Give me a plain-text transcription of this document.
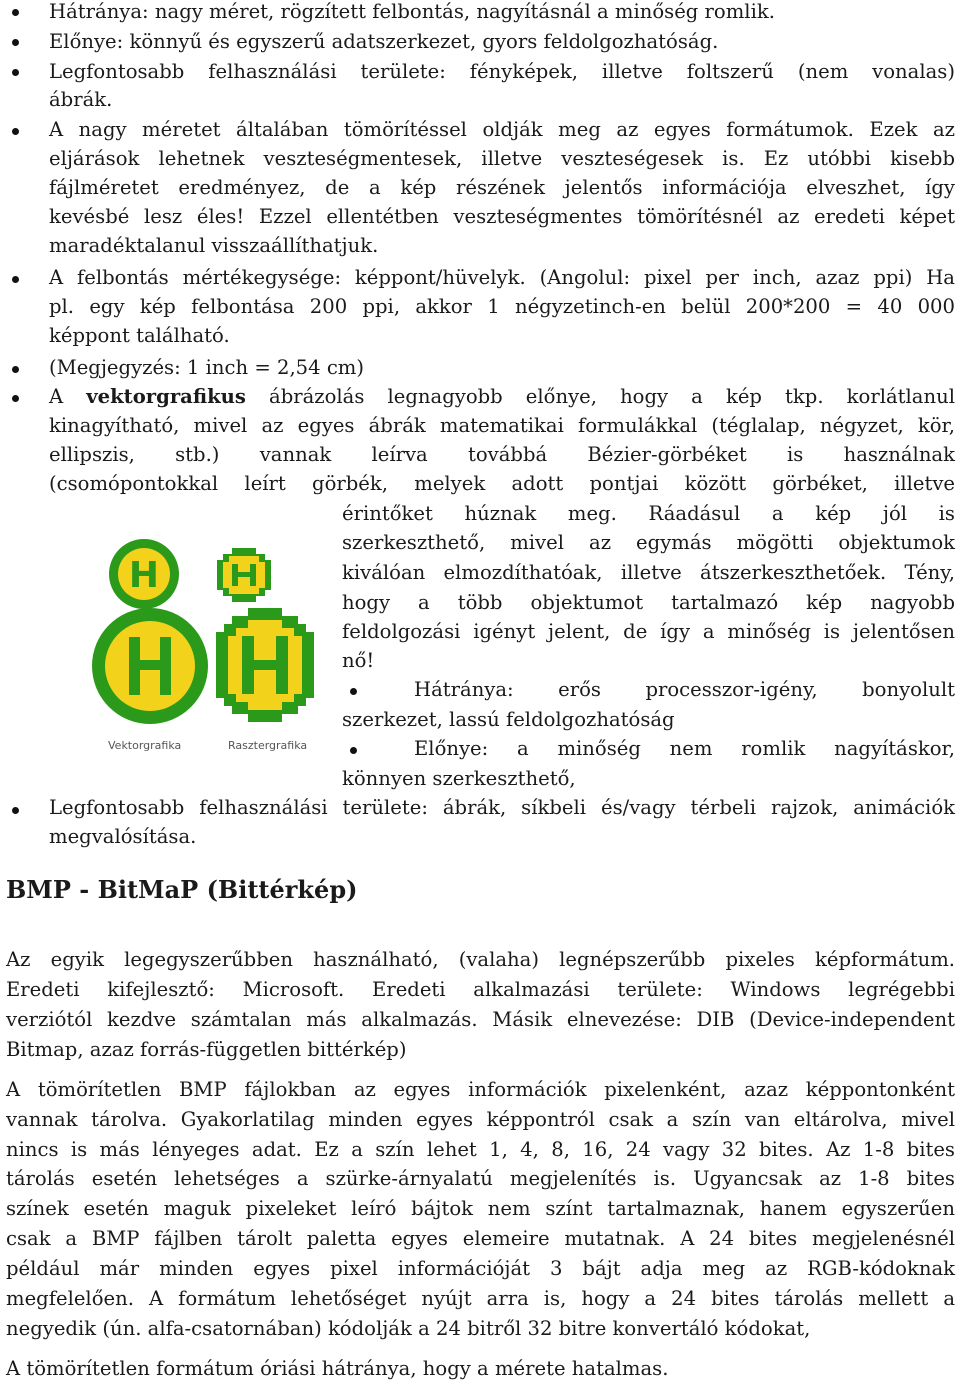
Hátránya: nagy méret, rögzített felbontás, nagyításnál a minőség romlik.
Előnye: könnyű és egyszerű adatszerkezet, gyors feldolgozhatóság.
Legfontosabb felhasználási területe: fényképek, illetve foltszerű (nem vonalas)
ábrák.
A nagy méretet általában tömörítéssel oldják meg az egyes formátumok. Ezek az
eljárások lehetnek veszteségmentesek, illetve veszteségesek is. Ez utóbbi kisebb
fájlméretet eredményez, de a kép részének jelentős információja elveszhet, így
kevésbé lesz éles! Ezzel ellentétben veszteségmentes tömörítésnél az eredeti képet
maradéktalanul visszaállíthatjuk.
A felbontás mértékegysége: képpont/hüvelyk. (Angolul: pixel per inch, azaz ppi) Ha
pl. egy kép felbontása 200 ppi, akkor 1 négyzetinch-en belül 200*200 = 40 000
képpont található.
(Megjegyzés: 1 inch = 2,54 cm)
A vektorgrafikus ábrázolás legnagyobb előnye, hogy a kép tkp. korlátlanul
kinagyítható, mivel az egyes ábrák matematikai formulákkal (téglalap, négyzet, kör,
ellipszis, stb.) vannak leírva továbbá Bézier-görbéket is használnak
(csomópontokkal leírt görbék, melyek adott pontjai között görbéket, illetve
érintőket húznak meg. Ráadásul a kép jól is
szerkeszthető, mivel az egymás mögötti objektumok
kiválóan elmozdíthatóak, illetve átszerkeszthetőek. Tény,
hogy a több objektumot tartalmazó kép nagyobb
feldolgozási igényt jelent, de így a minőség is jelentősen
nő!
Hátránya: erős processzor-igény, bonyolult
szerkezet, lassú feldolgozhatóság
Előnye: a minőség nem romlik nagyításkor,
könnyen szerkeszthető,
Legfontosabb felhasználási területe: ábrák, síkbeli és/vagy térbeli rajzok, animációk
megvalósítása.
H
Vektorgrafika	Rasztergrafika
BMP - BitMaP (Bittérkép)
Az egyik legegyszerűbben használható, (valaha) legnépszerűbb pixeles képformátum.
Eredeti kifejlesztő: Microsoft. Eredeti alkalmazási területe: Windows legrégebbi
verziótól kezdve számtalan más alkalmazás. Másik elnevezése: DIB (Device-independent
Bitmap, azaz forrás-független bittérkép)
A tömörítetlen BMP fájlokban az egyes információk pixelenként, azaz képpontonként
vannak tárolva. Gyakorlatilag minden egyes képpontról csak a szín van eltárolva, mivel
nincs is más lényeges adat. Ez a szín lehet 1, 4, 8, 16, 24 vagy 32 bites. Az 1-8 bites
tárolás esetén lehetséges a szürke-árnyalatú megjelenítés is. Ugyancsak az 1-8 bites
színek esetén maguk pixeleket leíró bájtok nem színt tartalmaznak, hanem egyszerűen
csak a BMP fájlben tárolt paletta egyes elemeire mutatnak. A 24 bites megjelenésnél
például már minden egyes pixel információját 3 bájt adja meg az RGB-kódoknak
megfelelően. A formátum lehetőséget nyújt arra is, hogy a 24 bites tárolás mellett a
negyedik (ún. alfa-csatornában) kódolják a 24 bitről 32 bitre konvertáló kódokat,
A tömörítetlen formátum óriási hátránya, hogy a mérete hatalmas.
